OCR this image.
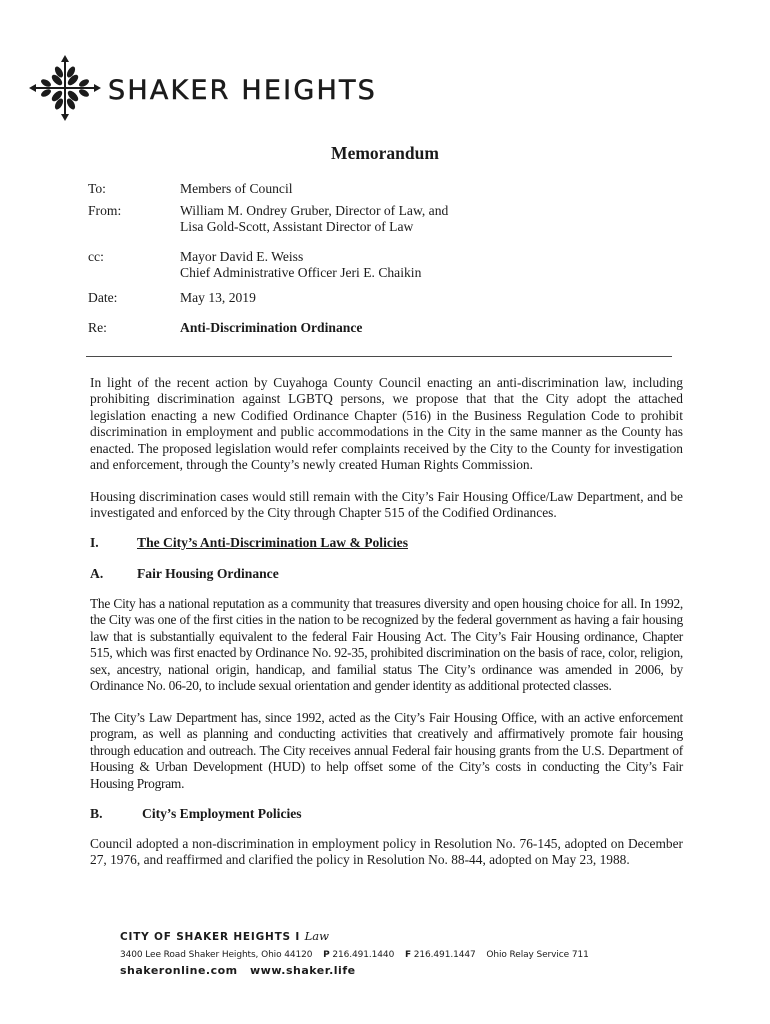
SHAKER HEIGHTS
Memorandum
To:	Members of Council
From:	William M. Ondrey Gruber, Director of Law, and
Lisa Gold-Scott, Assistant Director of Law
cc:	Mayor David E. Weiss
Chief Administrative Officer Jeri E. Chaikin
Date:	May 13, 2019
Re:	Anti-Discrimination Ordinance

In light of the recent action by Cuyahoga County Council enacting an anti-discrimination law, including prohibiting discrimination against LGBTQ persons, we propose that that the City adopt the attached legislation enacting a new Codified Ordinance Chapter (516) in the Business Regulation Code to prohibit discrimination in employment and public accommodations in the City in the same manner as the County has enacted. The proposed legislation would refer complaints received by the City to the County for investigation and enforcement, through the County’s newly created Human Rights Commission.

Housing discrimination cases would still remain with the City’s Fair Housing Office/Law Department, and be investigated and enforced by the City through Chapter 515 of the Codified Ordinances.

I.	The City’s Anti-Discrimination Law & Policies
A. Fair Housing Ordinance

The City has a national reputation as a community that treasures diversity and open housing choice for all. In 1992, the City was one of the first cities in the nation to be recognized by the federal government as having a fair housing law that is substantially equivalent to the federal Fair Housing Act. The City’s Fair Housing ordinance, Chapter 515, which was first enacted by Ordinance No. 92-35, prohibited discrimination on the basis of race, color, religion, sex, ancestry, national origin, handicap, and familial status The City’s ordinance was amended in 2006, by Ordinance No. 06-20, to include sexual orientation and gender identity as additional protected classes.

The City’s Law Department has, since 1992, acted as the City’s Fair Housing Office, with an active enforcement program, as well as planning and conducting activities that creatively and affirmatively promote fair housing through education and outreach. The City receives annual Federal fair housing grants from the U.S. Department of Housing & Urban Development (HUD) to help offset some of the City’s costs in conducting the City’s Fair Housing Program.

B.	City’s Employment Policies

Council adopted a non-discrimination in employment policy in Resolution No. 76-145, adopted on December 27, 1976, and reaffirmed and clarified the policy in Resolution No. 88-44, adopted on May 23, 1988.

CITY OF SHAKER HEIGHTS I Law
3400 Lee Road Shaker Heights, Ohio 44120 P 216.491.1440 F 216.491.1447 Ohio Relay Service 711
shakeronline.com www.shaker.life
